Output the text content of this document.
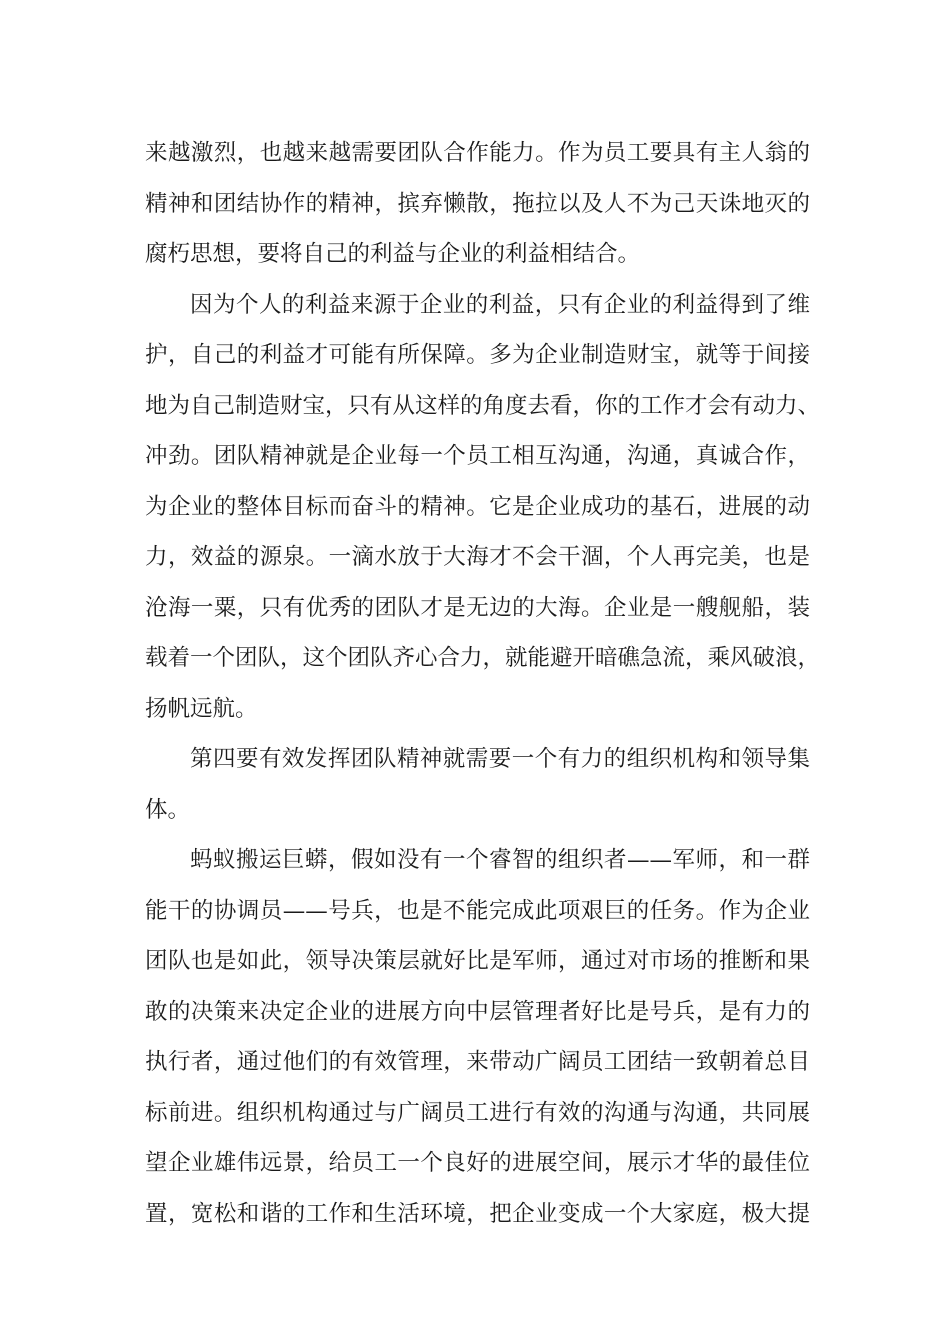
来越激烈，也越来越需要团队合作能力。作为员工要具有主人翁的
精神和团结协作的精神，摈弃懒散，拖拉以及人不为己天诛地灭的
腐朽思想，要将自己的利益与企业的利益相结合。
因为个人的利益来源于企业的利益，只有企业的利益得到了维
护，自己的利益才可能有所保障。多为企业制造财宝，就等于间接
地为自己制造财宝，只有从这样的角度去看，你的工作才会有动力、
冲劲。团队精神就是企业每一个员工相互沟通，沟通，真诚合作，
为企业的整体目标而奋斗的精神。它是企业成功的基石，进展的动
力，效益的源泉。一滴水放于大海才不会干涸，个人再完美，也是
沧海一粟，只有优秀的团队才是无边的大海。企业是一艘舰船，装
载着一个团队，这个团队齐心合力，就能避开暗礁急流，乘风破浪，
扬帆远航。
第四要有效发挥团队精神就需要一个有力的组织机构和领导集
体。
蚂蚁搬运巨蟒，假如没有一个睿智的组织者——军师，和一群
能干的协调员——号兵，也是不能完成此项艰巨的任务。作为企业
团队也是如此，领导决策层就好比是军师，通过对市场的推断和果
敢的决策来决定企业的进展方向中层管理者好比是号兵，是有力的
执行者，通过他们的有效管理，来带动广阔员工团结一致朝着总目
标前进。组织机构通过与广阔员工进行有效的沟通与沟通，共同展
望企业雄伟远景，给员工一个良好的进展空间，展示才华的最佳位
置，宽松和谐的工作和生活环境，把企业变成一个大家庭，极大提
